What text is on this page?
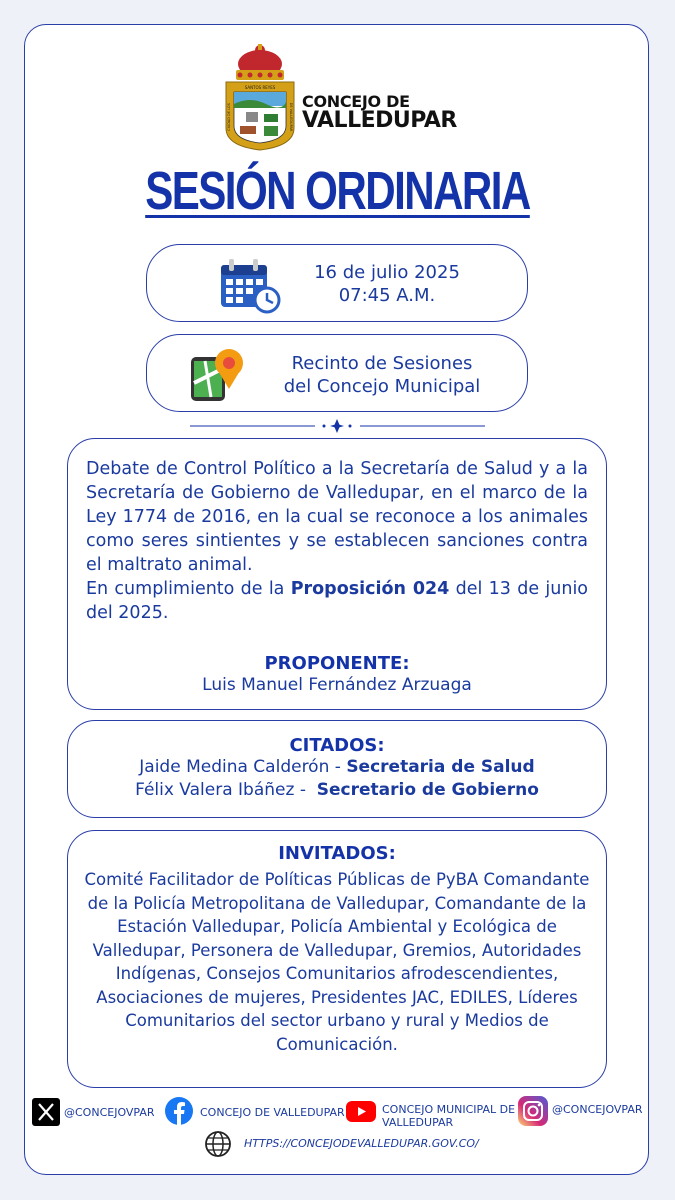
SANTOS REYES
CIUDAD DE LOS	DE VALLEDUPAR
CONCEJO DE
VALLEDUPAR
SESIÓN ORDINARIA
16 de julio 2025
07:45 A.M.
Recinto de Sesiones
del Concejo Municipal
Debate de Control Político a la Secretaría de Salud y a la Secretaría de Gobierno de Valledupar, en el marco de la Ley 1774 de 2016, en la cual se reconoce a los animales como seres sintientes y se establecen sanciones contra el maltrato animal.
En cumplimiento de la Proposición 024 del 13 de junio del 2025.
PROPONENTE:
Luis Manuel Fernández Arzuaga
CITADOS:
Jaide Medina Calderón - Secretaria de Salud
Félix Valera Ibáñez -  Secretario de Gobierno
INVITADOS:
Comité Facilitador de Políticas Públicas de PyBA Comandante de la Policía Metropolitana de Valledupar, Comandante de la Estación Valledupar, Policía Ambiental y Ecológica de Valledupar, Personera de Valledupar, Gremios, Autoridades Indígenas, Consejos Comunitarios afrodescendientes, Asociaciones de mujeres, Presidentes JAC, EDILES, Líderes Comunitarios del sector urbano y rural y Medios de Comunicación.
@CONCEJOVPAR	CONCEJO DE VALLEDUPAR	CONCEJO MUNICIPAL DE
VALLEDUPAR
@CONCEJOVPAR
HTTPS://CONCEJODEVALLEDUPAR.GOV.CO/
